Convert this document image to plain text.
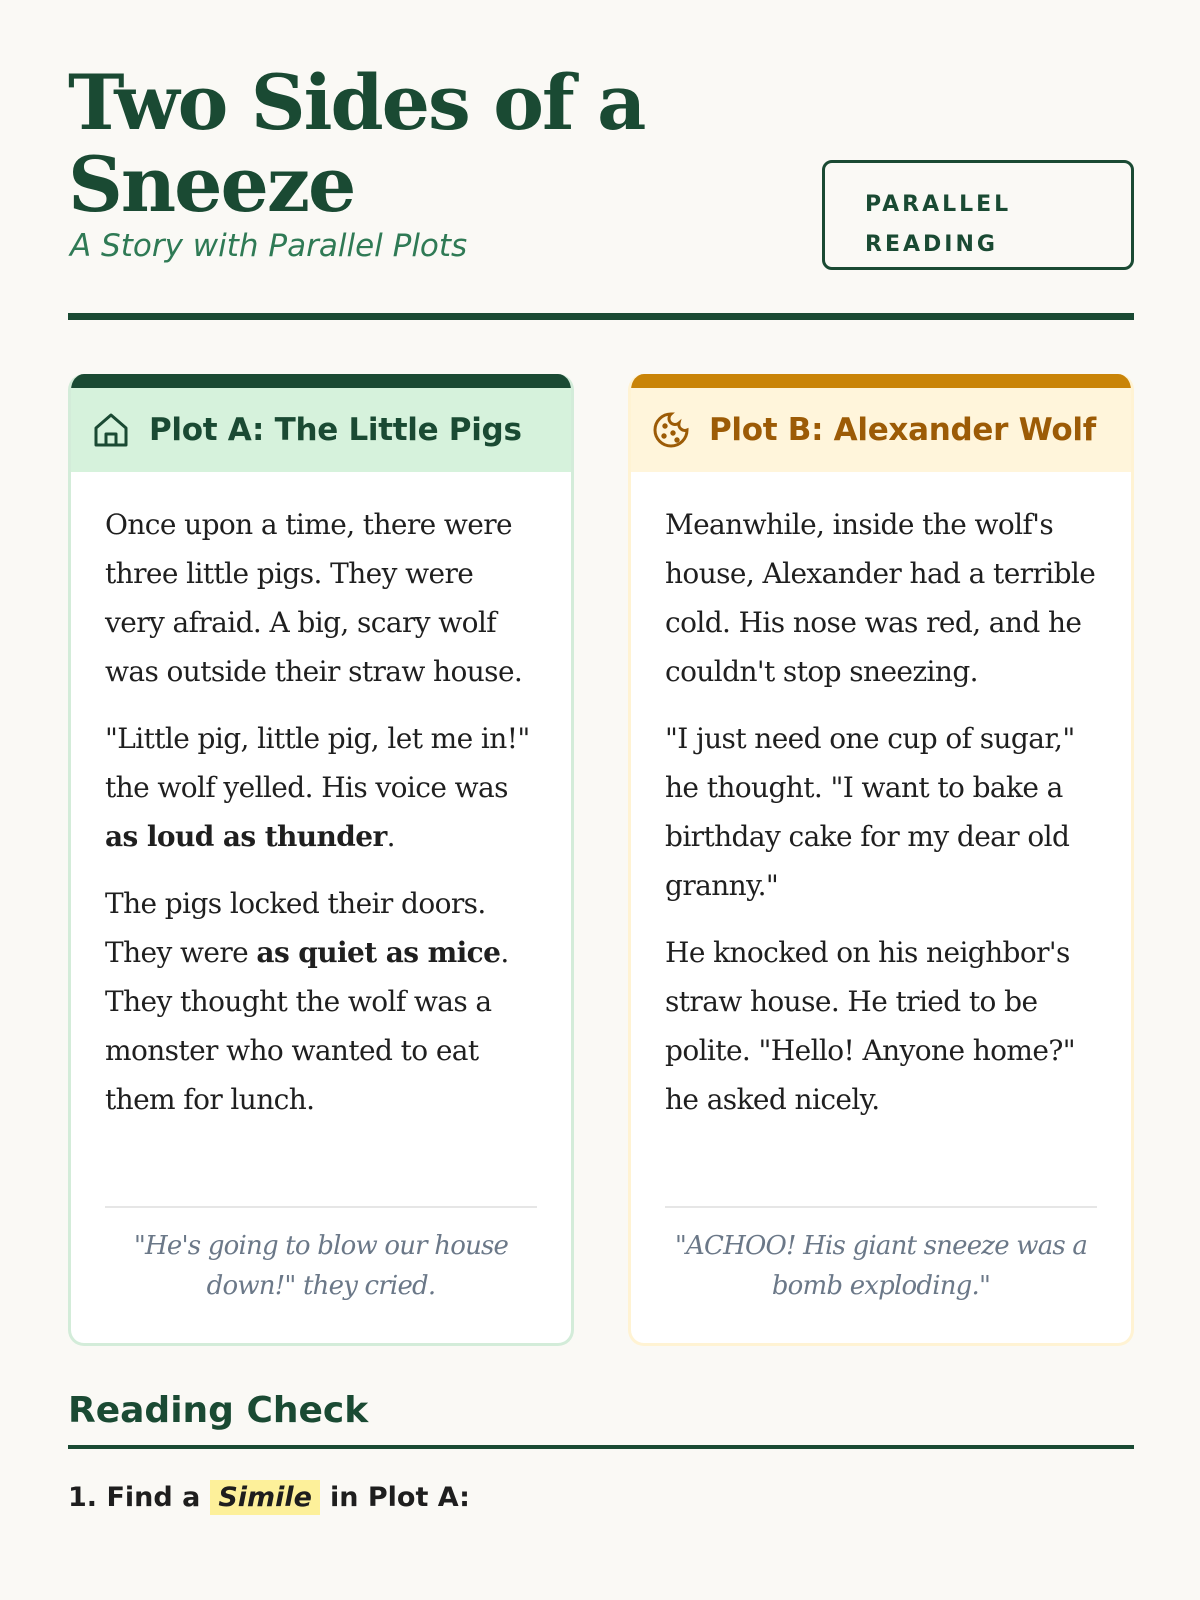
Two Sides of a Sneeze
A Story with Parallel Plots
PARALLEL
READING
Plot A: The Little Pigs

Once upon a time, there were three little pigs. They were very afraid. A big, scary wolf was outside their straw house.

"Little pig, little pig, let me in!" the wolf yelled. His voice was as loud as thunder.

The pigs locked their doors. They were as quiet as mice. They thought the wolf was a monster who wanted to eat them for lunch.

"He's going to blow our house down!" they cried.
Plot B: Alexander Wolf

Meanwhile, inside the wolf's house, Alexander had a terrible cold. His nose was red, and he couldn't stop sneezing.

"I just need one cup of sugar," he thought. "I want to bake a birthday cake for my dear old granny."

He knocked on his neighbor's straw house. He tried to be polite. "Hello! Anyone home?" he asked nicely.

"ACHOO! His giant sneeze was a bomb exploding."
Reading Check
1. Find a Simile in Plot A:
